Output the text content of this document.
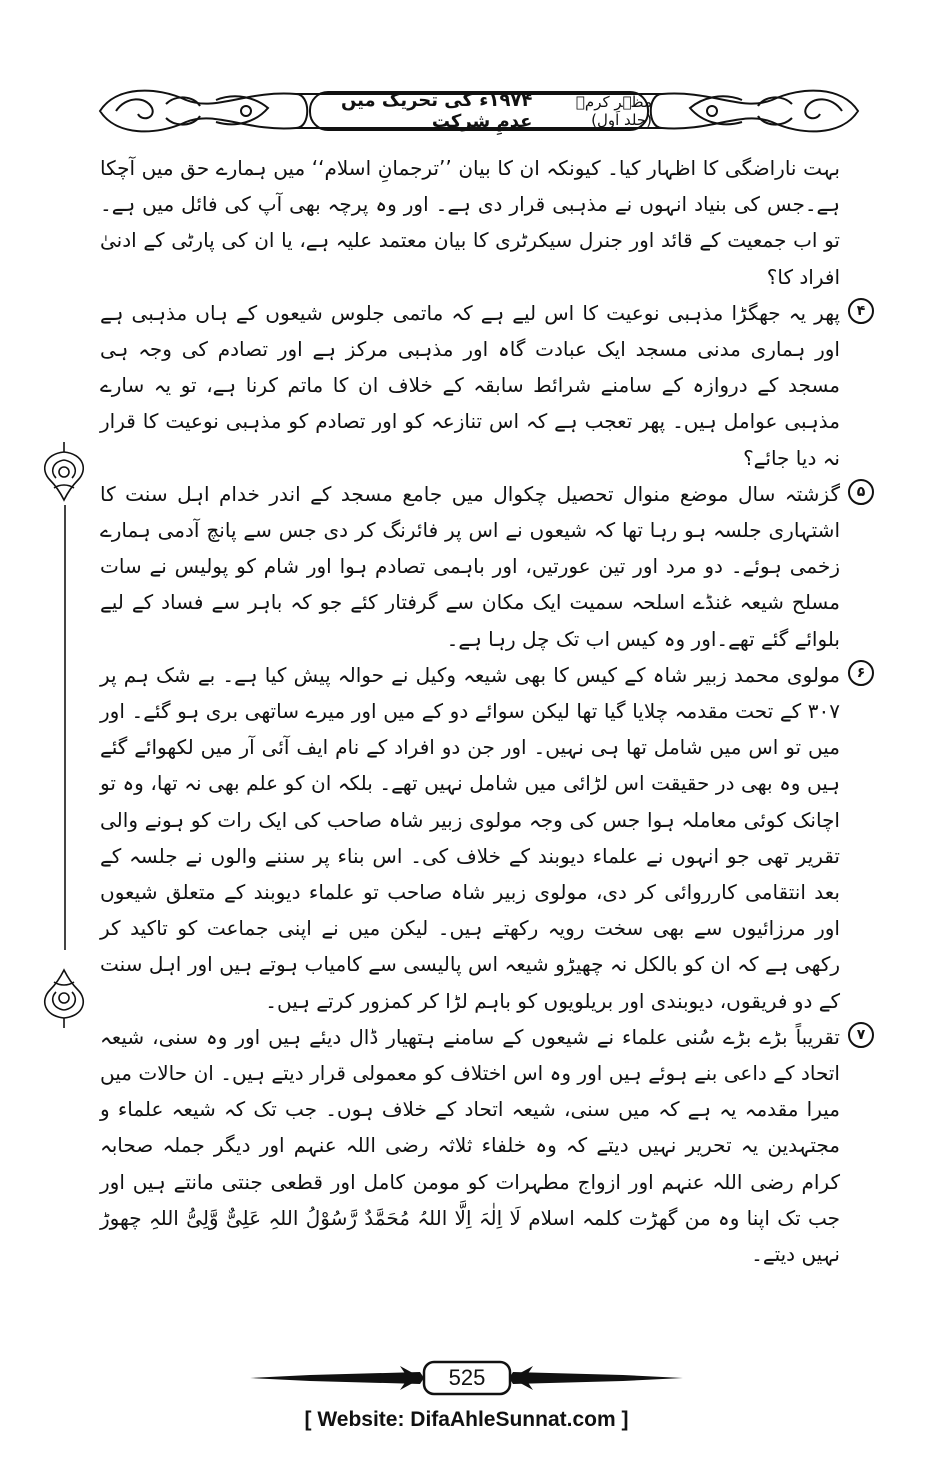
مظہرِ کرمؐ (جلد اول)
۱۹۷۴ء کی تحریک میں عدمِ شرکت

بہت ناراضگی کا اظہار کیا۔ کیونکہ ان کا بیان ’’ترجمانِ اسلام‘‘ میں ہمارے حق میں آچکا ہے۔جس کی بنیاد انہوں نے مذہبی قرار دی ہے۔ اور وہ پرچہ بھی آپ کی فائل میں ہے۔تو اب جمعیت کے قائد اور جنرل سیکرٹری کا بیان معتمد علیہ ہے، یا ان کی پارٹی کے ادنیٰ افراد کا؟

۴
پھر یہ جھگڑا مذہبی نوعیت کا اس لیے ہے کہ ماتمی جلوس شیعوں کے ہاں مذہبی ہے اور ہماری مدنی مسجد ایک عبادت گاہ اور مذہبی مرکز ہے اور تصادم کی وجہ ہی مسجد کے دروازہ کے سامنے شرائط سابقہ کے خلاف ان کا ماتم کرنا ہے، تو یہ سارے مذہبی عوامل ہیں۔ پھر تعجب ہے کہ اس تنازعہ کو اور تصادم کو مذہبی نوعیت کا قرار نہ دیا جائے؟

۵
گزشتہ سال موضع منوال تحصیل چکوال میں جامع مسجد کے اندر خدام اہل سنت کا اشتہاری جلسہ ہو رہا تھا کہ شیعوں نے اس پر فائرنگ کر دی جس سے پانچ آدمی ہمارے زخمی ہوئے۔ دو مرد اور تین عورتیں، اور باہمی تصادم ہوا اور شام کو پولیس نے سات مسلح شیعہ غنڈے اسلحہ سمیت ایک مکان سے گرفتار کئے جو کہ باہر سے فساد کے لیے بلوائے گئے تھے۔اور وہ کیس اب تک چل رہا ہے۔

۶
مولوی محمد زبیر شاہ کے کیس کا بھی شیعہ وکیل نے حوالہ پیش کیا ہے۔ بے شک ہم پر ۳۰۷ کے تحت مقدمہ چلایا گیا تھا لیکن سوائے دو کے میں اور میرے ساتھی بری ہو گئے۔ اور میں تو اس میں شامل تھا ہی نہیں۔ اور جن دو افراد کے نام ایف آئی آر میں لکھوائے گئے ہیں وہ بھی در حقیقت اس لڑائی میں شامل نہیں تھے۔ بلکہ ان کو علم بھی نہ تھا، وہ تو اچانک کوئی معاملہ ہوا جس کی وجہ مولوی زبیر شاہ صاحب کی ایک رات کو ہونے والی تقریر تھی جو انہوں نے علماء دیوبند کے خلاف کی۔ اس بناء پر سننے والوں نے جلسہ کے بعد انتقامی کارروائی کر دی، مولوی زبیر شاہ صاحب تو علماء دیوبند کے متعلق شیعوں اور مرزائیوں سے بھی سخت رویہ رکھتے ہیں۔ لیکن میں نے اپنی جماعت کو تاکید کر رکھی ہے کہ ان کو بالکل نہ چھیڑو شیعہ اس پالیسی سے کامیاب ہوتے ہیں اور اہل سنت کے دو فریقوں، دیوبندی اور بریلویوں کو باہم لڑا کر کمزور کرتے ہیں۔

۷
تقریباً بڑے بڑے سُنی علماء نے شیعوں کے سامنے ہتھیار ڈال دیئے ہیں اور وہ سنی، شیعہ اتحاد کے داعی بنے ہوئے ہیں اور وہ اس اختلاف کو معمولی قرار دیتے ہیں۔ ان حالات میں میرا مقدمہ یہ ہے کہ میں سنی، شیعہ اتحاد کے خلاف ہوں۔ جب تک کہ شیعہ علماء و مجتہدین یہ تحریر نہیں دیتے کہ وہ خلفاء ثلاثہ رضی اللہ عنہم اور دیگر جملہ صحابہ کرام رضی اللہ عنہم اور ازواج مطہرات کو مومن کامل اور قطعی جنتی مانتے ہیں اور جب تک اپنا وہ من گھڑت کلمہ اسلام لَا اِلٰہَ اِلَّا اللہُ مُحَمَّدٌ رَّسُوْلُ اللہِ عَلِیٌّ وَّلِیُّ اللہِ چھوڑ نہیں دیتے۔

525
[ Website: DifaAhleSunnat.com ]
